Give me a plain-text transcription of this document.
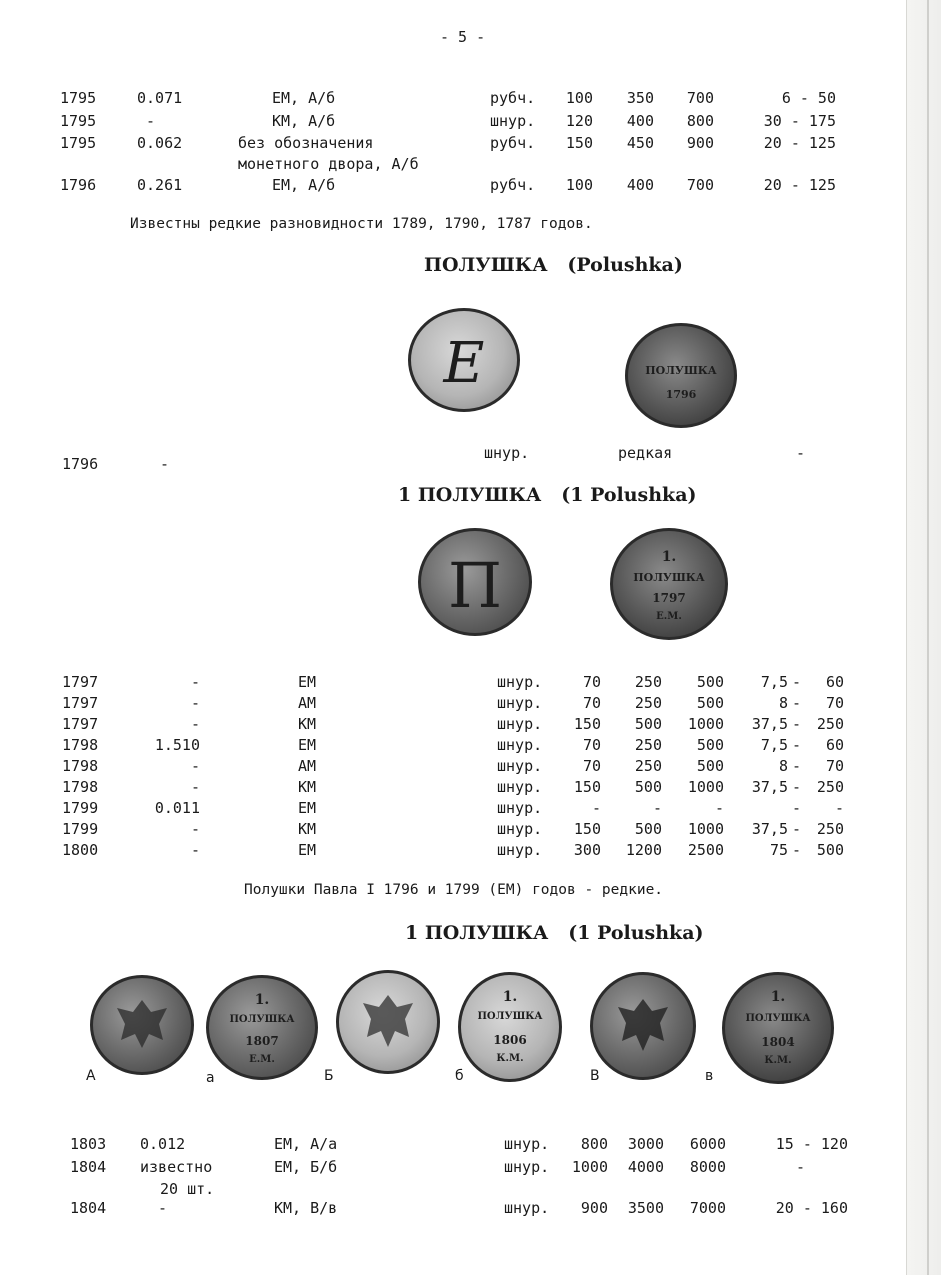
- 5 -
1795	0.071	ЕМ, А/б	рубч.	100	350	700	6 - 50
1795	-	КМ, А/б	шнур.	120	400	800	30 - 175
1795	0.062	без обозначения	рубч.	150	450	900	20 - 125
монетного двора, А/б
1796	0.261	ЕМ, А/б	рубч.	100	400	700	20 - 125
Известны редкие разновидности 1789, 1790, 1787 годов.
ПОЛУШКА   (Polushka)
E	ПОЛУШКА
1796
1796	-
шнур.	редкая	-
1 ПОЛУШКА   (1 Polushka)
П	1.
ПОЛУШКА
1797
Е.М.
1797	-	ЕМ	шнур.	70	250	500	7,5 -	60
1797	-	АМ	шнур.	70	250	500	8 -	70
1797	-	КМ	шнур.	150	500	1000	37,5 -	250
1798	1.510	ЕМ	шнур.	70	250	500	7,5 -	60
1798	-	АМ	шнур.	70	250	500	8 -	70
1798	-	КМ	шнур.	150	500	1000	37,5 -	250
1799	0.011	ЕМ	шнур.	-	-	-	-	-
1799	-	КМ	шнур.	150	500	1000	37,5 -	250
1800	-	ЕМ	шнур.	300	1200	2500	75 -	500
Полушки Павла I 1796 и 1799 (ЕМ) годов - редкие.
1 ПОЛУШКА   (1 Polushka)
1.
ПОЛУШКА
1807
Е.М.
1.
ПОЛУШКА
1806
К.М.
1.
ПОЛУШКА
1804
К.М.
А	а	Б	б	В	в
1803 0.012	ЕМ, А/а	шнур.	800	3000	6000	15 - 120
1804 известно	ЕМ, Б/б	шнур.	1000	4000	8000	-
20 шт.
1804	-	КМ, В/в	шнур.	900	3500	7000	20 - 160
